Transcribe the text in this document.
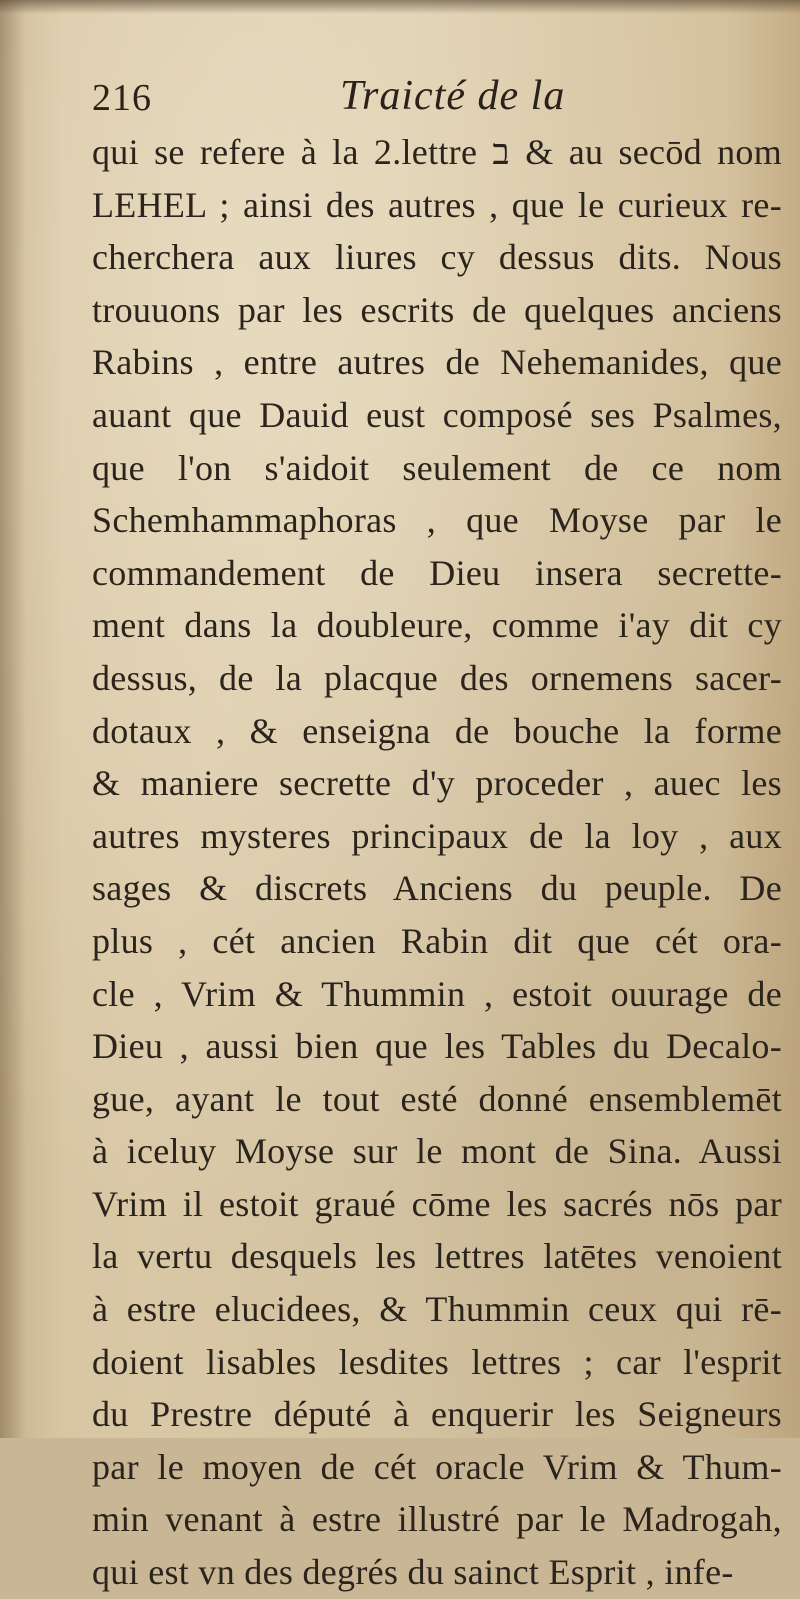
216	Traicté de la
qui se refere à la 2.lettre ב & au secōd nom
LEHEL ; ainsi des autres , que le curieux re-
cherchera aux liures cy dessus dits. Nous
trouuons par les escrits de quelques anciens
Rabins , entre autres de Nehemanides, que
auant que Dauid eust composé ses Psalmes,
que l'on s'aidoit seulement de ce nom
Schemhammaphoras , que Moyse par le
commandement de Dieu insera secrette-
ment dans la doubleure, comme i'ay dit cy
dessus, de la placque des ornemens sacer-
dotaux , & enseigna de bouche la forme
& maniere secrette d'y proceder , auec les
autres mysteres principaux de la loy , aux
sages & discrets Anciens du peuple. De
plus , cét ancien Rabin dit que cét ora-
cle , Vrim & Thummin , estoit ouurage de
Dieu , aussi bien que les Tables du Decalo-
gue, ayant le tout esté donné ensemblemēt
à iceluy Moyse sur le mont de Sina. Aussi
Vrim il estoit graué cōme les sacrés nōs par
la vertu desquels les lettres latētes venoient
à estre elucidees, & Thummin ceux qui rē-
doient lisables lesdites lettres ; car l'esprit
du Prestre député à enquerir les Seigneurs
par le moyen de cét oracle Vrim & Thum-
min venant à estre illustré par le Madrogah,
qui est vn des degrés du sainct Esprit , infe-
